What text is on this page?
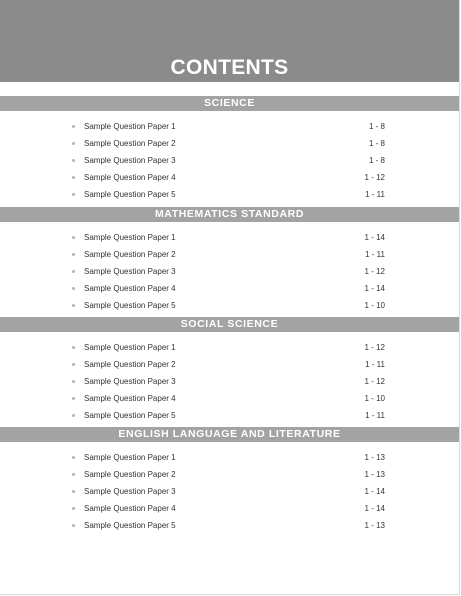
CONTENTS
SCIENCE
Sample Question Paper 1	1 - 8
Sample Question Paper 2	1 - 8
Sample Question Paper 3	1 - 8
Sample Question Paper 4	1 - 12
Sample Question Paper 5	1 - 11
MATHEMATICS STANDARD
Sample Question Paper 1	1 - 14
Sample Question Paper 2	1 - 11
Sample Question Paper 3	1 - 12
Sample Question Paper 4	1 - 14
Sample Question Paper 5	1 - 10
SOCIAL SCIENCE
Sample Question Paper 1	1 - 12
Sample Question Paper 2	1 - 11
Sample Question Paper 3	1 - 12
Sample Question Paper 4	1 - 10
Sample Question Paper 5	1 - 11
ENGLISH LANGUAGE AND LITERATURE
Sample Question Paper 1	1 - 13
Sample Question Paper 2	1 - 13
Sample Question Paper 3	1 - 14
Sample Question Paper 4	1 - 14
Sample Question Paper 5	1 - 13
